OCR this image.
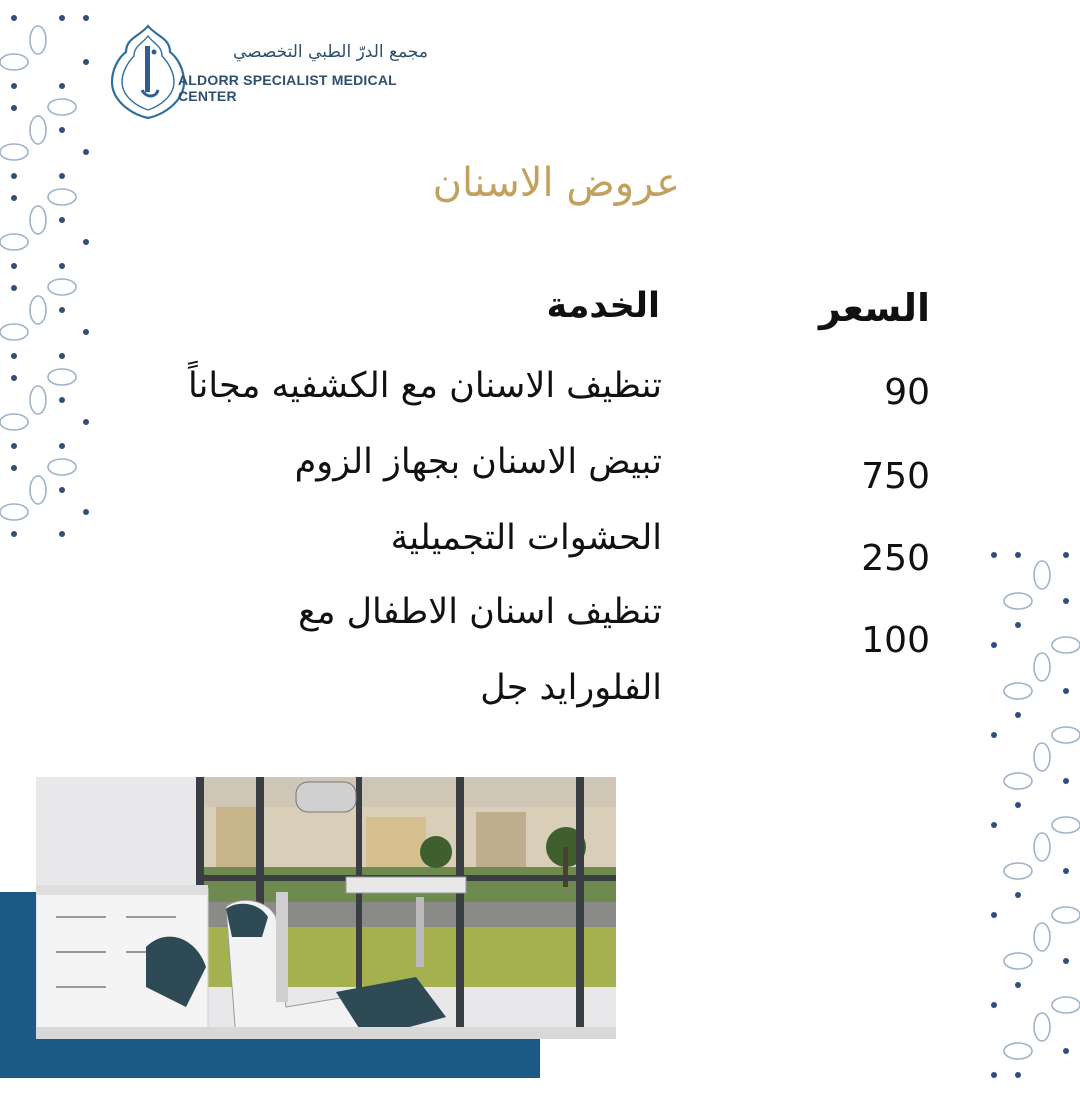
مجمع الدرّ الطبي التخصصي
ALDORR SPECIALIST MEDICAL CENTER
عروض الاسنان
الخدمة	السعر
تنظيف الاسنان مع الكشفيه مجاناً
تبيض الاسنان بجهاز الزوم
الحشوات التجميلية
تنظيف اسنان الاطفال مع
الفلورايد جل
90
750
250
100
